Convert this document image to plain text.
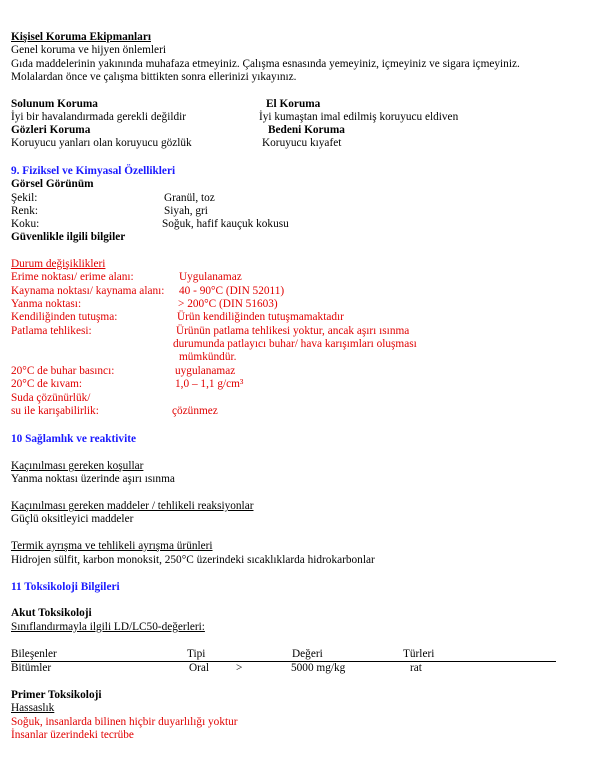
Kişisel Koruma Ekipmanları
Genel koruma ve hijyen önlemleri
Gıda maddelerinin yakınında muhafaza etmeyiniz. Çalışma esnasında yemeyiniz, içmeyiniz ve sigara içmeyiniz.
Molalardan önce ve çalışma bittikten sonra ellerinizi yıkayınız.
Solunum Koruma	El Koruma
İyi bir havalandırmada gerekli değildir	İyi kumaştan imal edilmiş koruyucu eldiven
Gözleri Koruma	Bedeni Koruma
Koruyucu yanları olan koruyucu gözlük	Koruyucu kıyafet
9. Fiziksel ve Kimyasal Özellikleri
Görsel Görünüm
Şekil:	Granül, toz
Renk:	Siyah, gri
Koku:	Soğuk, hafif kauçuk kokusu
Güvenlikle ilgili bilgiler
Durum değişiklikleri
Erime noktası/ erime alanı:	Uygulanamaz
Kaynama noktası/ kaynama alanı: 40 - 90°C (DIN 52011)
Yanma noktası:	> 200°C (DIN 51603)
Kendiliğinden tutuşma:	Ürün kendiliğinden tutuşmamaktadır
Patlama tehlikesi:	Ürünün patlama tehlikesi yoktur, ancak aşırı ısınma
durumunda patlayıcı buhar/ hava karışımları oluşması
mümkündür.
20°C de buhar basıncı:	uygulanamaz
20°C de kıvam:	1,0 – 1,1 g/cm³
Suda çözünürlük/
su ile karışabilirlik:	çözünmez
10 Sağlamlık ve reaktivite
Kaçınılması gereken koşullar
Yanma noktası üzerinde aşırı ısınma
Kaçınılması gereken maddeler / tehlikeli reaksiyonlar
Güçlü oksitleyici maddeler
Termik ayrışma ve tehlikeli ayrışma ürünleri
Hidrojen sülfit, karbon monoksit, 250°C üzerindeki sıcaklıklarda hidrokarbonlar
11 Toksikoloji Bilgileri
Akut Toksikoloji
Sınıflandırmayla ilgili LD/LC50-değerleri:
Bileşenler	Tipi	Değeri	Türleri
Bitümler	Oral >	5000 mg/kg	rat
Primer Toksikoloji
Hassaslık
Soğuk, insanlarda bilinen hiçbir duyarlılığı yoktur
İnsanlar üzerindeki tecrübe
